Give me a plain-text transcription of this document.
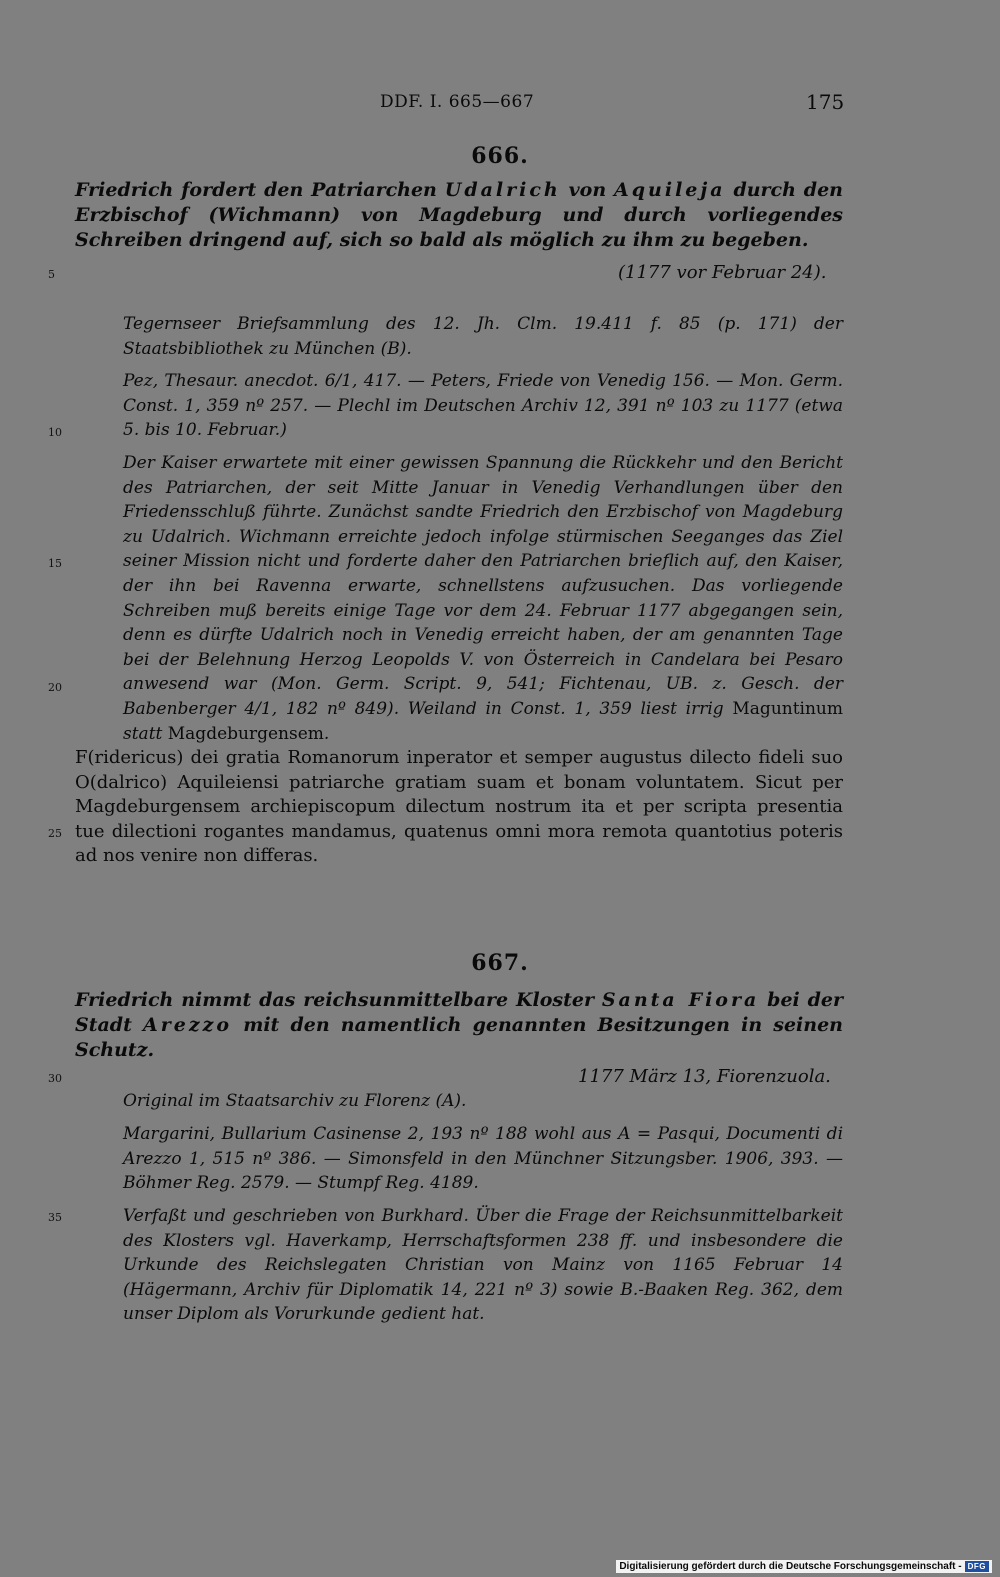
DDF. I. 665—667	175
666.
Friedrich fordert den Patriarchen Udalrich von Aquileja durch den Erzbischof (Wichmann) von Magdeburg und durch vorliegendes Schreiben dringend auf, sich so bald als möglich zu ihm zu begeben.
(1177 vor Februar 24).
Tegernseer Briefsammlung des 12. Jh. Clm. 19.411 f. 85 (p. 171) der Staatsbibliothek zu München (B).
Pez, Thesaur. anecdot. 6/1, 417. — Peters, Friede von Venedig 156. — Mon. Germ. Const. 1, 359 nº 257. — Plechl im Deutschen Archiv 12, 391 nº 103 zu 1177 (etwa 5. bis 10. Februar.)
Der Kaiser erwartete mit einer gewissen Spannung die Rückkehr und den Bericht des Patriarchen, der seit Mitte Januar in Venedig Verhandlungen über den Friedensschluß führte. Zunächst sandte Friedrich den Erzbischof von Magdeburg zu Udalrich. Wichmann erreichte jedoch infolge stürmischen Seeganges das Ziel seiner Mission nicht und forderte daher den Patriarchen brieflich auf, den Kaiser, der ihn bei Ravenna erwarte, schnellstens aufzusuchen. Das vorliegende Schreiben muß bereits einige Tage vor dem 24. Februar 1177 abgegangen sein, denn es dürfte Udalrich noch in Venedig erreicht haben, der am genannten Tage bei der Belehnung Herzog Leopolds V. von Österreich in Candelara bei Pesaro anwesend war (Mon. Germ. Script. 9, 541; Fichtenau, UB. z. Gesch. der Babenberger 4/1, 182 nº 849). Weiland in Const. 1, 359 liest irrig Maguntinum statt Magdeburgensem.
F(ridericus) dei gratia Romanorum inperator et semper augustus dilecto fideli suo O(dalrico) Aquileiensi patriarche gratiam suam et bonam voluntatem. Sicut per Magdeburgensem archiepiscopum dilectum nostrum ita et per scripta presentia tue dilectioni rogantes mandamus, quatenus omni mora remota quantotius poteris ad nos venire non differas.
667.
Friedrich nimmt das reichsunmittelbare Kloster Santa Fiora bei der Stadt Arezzo mit den namentlich genannten Besitzungen in seinen Schutz.
1177 März 13, Fiorenzuola.
Original im Staatsarchiv zu Florenz (A).
Margarini, Bullarium Casinense 2, 193 nº 188 wohl aus A = Pasqui, Documenti di Arezzo 1, 515 nº 386. — Simonsfeld in den Münchner Sitzungsber. 1906, 393. — Böhmer Reg. 2579. — Stumpf Reg. 4189.
Verfaßt und geschrieben von Burkhard. Über die Frage der Reichsunmittelbarkeit des Klosters vgl. Haverkamp, Herrschaftsformen 238 ff. und insbesondere die Urkunde des Reichslegaten Christian von Mainz von 1165 Februar 14 (Hägermann, Archiv für Diplomatik 14, 221 nº 3) sowie B.-Baaken Reg. 362, dem unser Diplom als Vorurkunde gedient hat.
5
10
15
20
25
30
35
Digitalisierung gefördert durch die Deutsche Forschungsgemeinschaft - DFG
